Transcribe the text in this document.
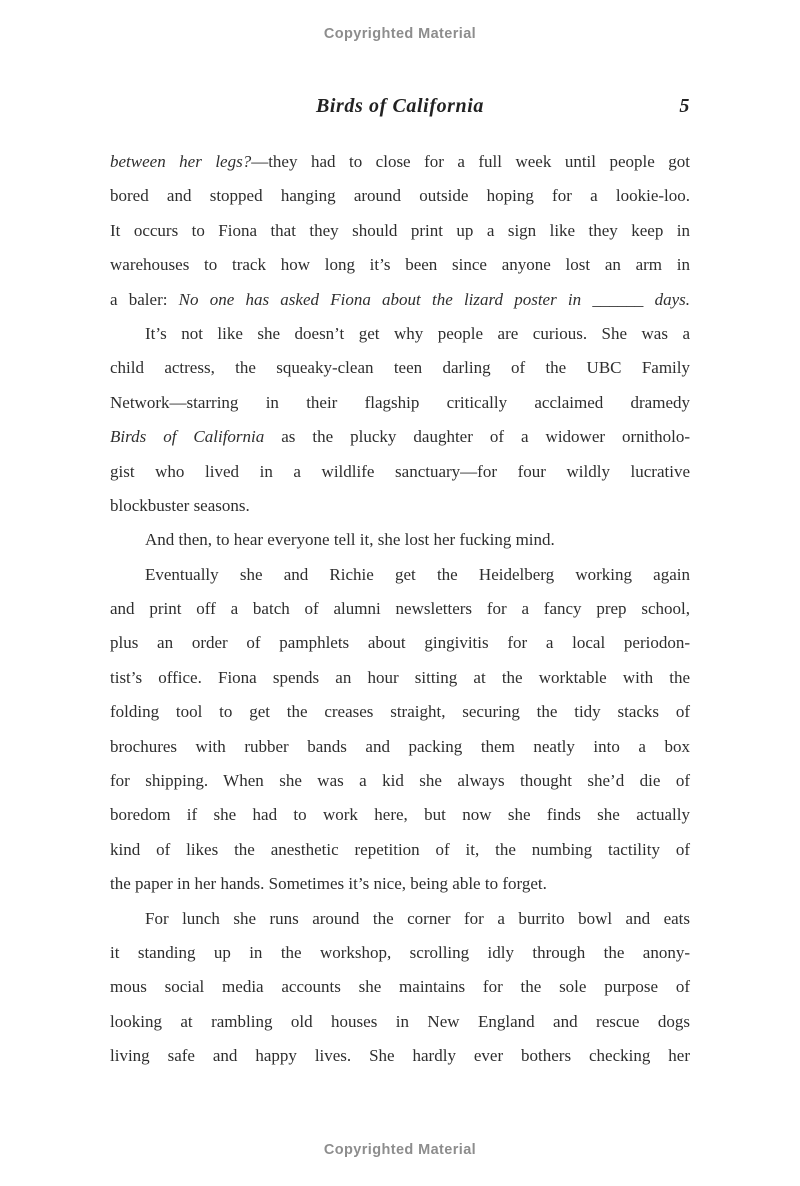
Copyrighted Material
Birds of California	5
between her legs?—they had to close for a full week until people got
bored and stopped hanging around outside hoping for a lookie-loo.
It occurs to Fiona that they should print up a sign like they keep in
warehouses to track how long it’s been since anyone lost an arm in
a baler: No one has asked Fiona about the lizard poster in ______ days.
It’s not like she doesn’t get why people are curious. She was a
child actress, the squeaky-clean teen darling of the UBC Family
Network—starring in their flagship critically acclaimed dramedy
Birds of California as the plucky daughter of a widower ornitholo-
gist who lived in a wildlife sanctuary—for four wildly lucrative
blockbuster seasons.
And then, to hear everyone tell it, she lost her fucking mind.
Eventually she and Richie get the Heidelberg working again
and print off a batch of alumni newsletters for a fancy prep school,
plus an order of pamphlets about gingivitis for a local periodon-
tist’s office. Fiona spends an hour sitting at the worktable with the
folding tool to get the creases straight, securing the tidy stacks of
brochures with rubber bands and packing them neatly into a box
for shipping. When she was a kid she always thought she’d die of
boredom if she had to work here, but now she finds she actually
kind of likes the anesthetic repetition of it, the numbing tactility of
the paper in her hands. Sometimes it’s nice, being able to forget.
For lunch she runs around the corner for a burrito bowl and eats
it standing up in the workshop, scrolling idly through the anony-
mous social media accounts she maintains for the sole purpose of
looking at rambling old houses in New England and rescue dogs
living safe and happy lives. She hardly ever bothers checking her
Copyrighted Material
